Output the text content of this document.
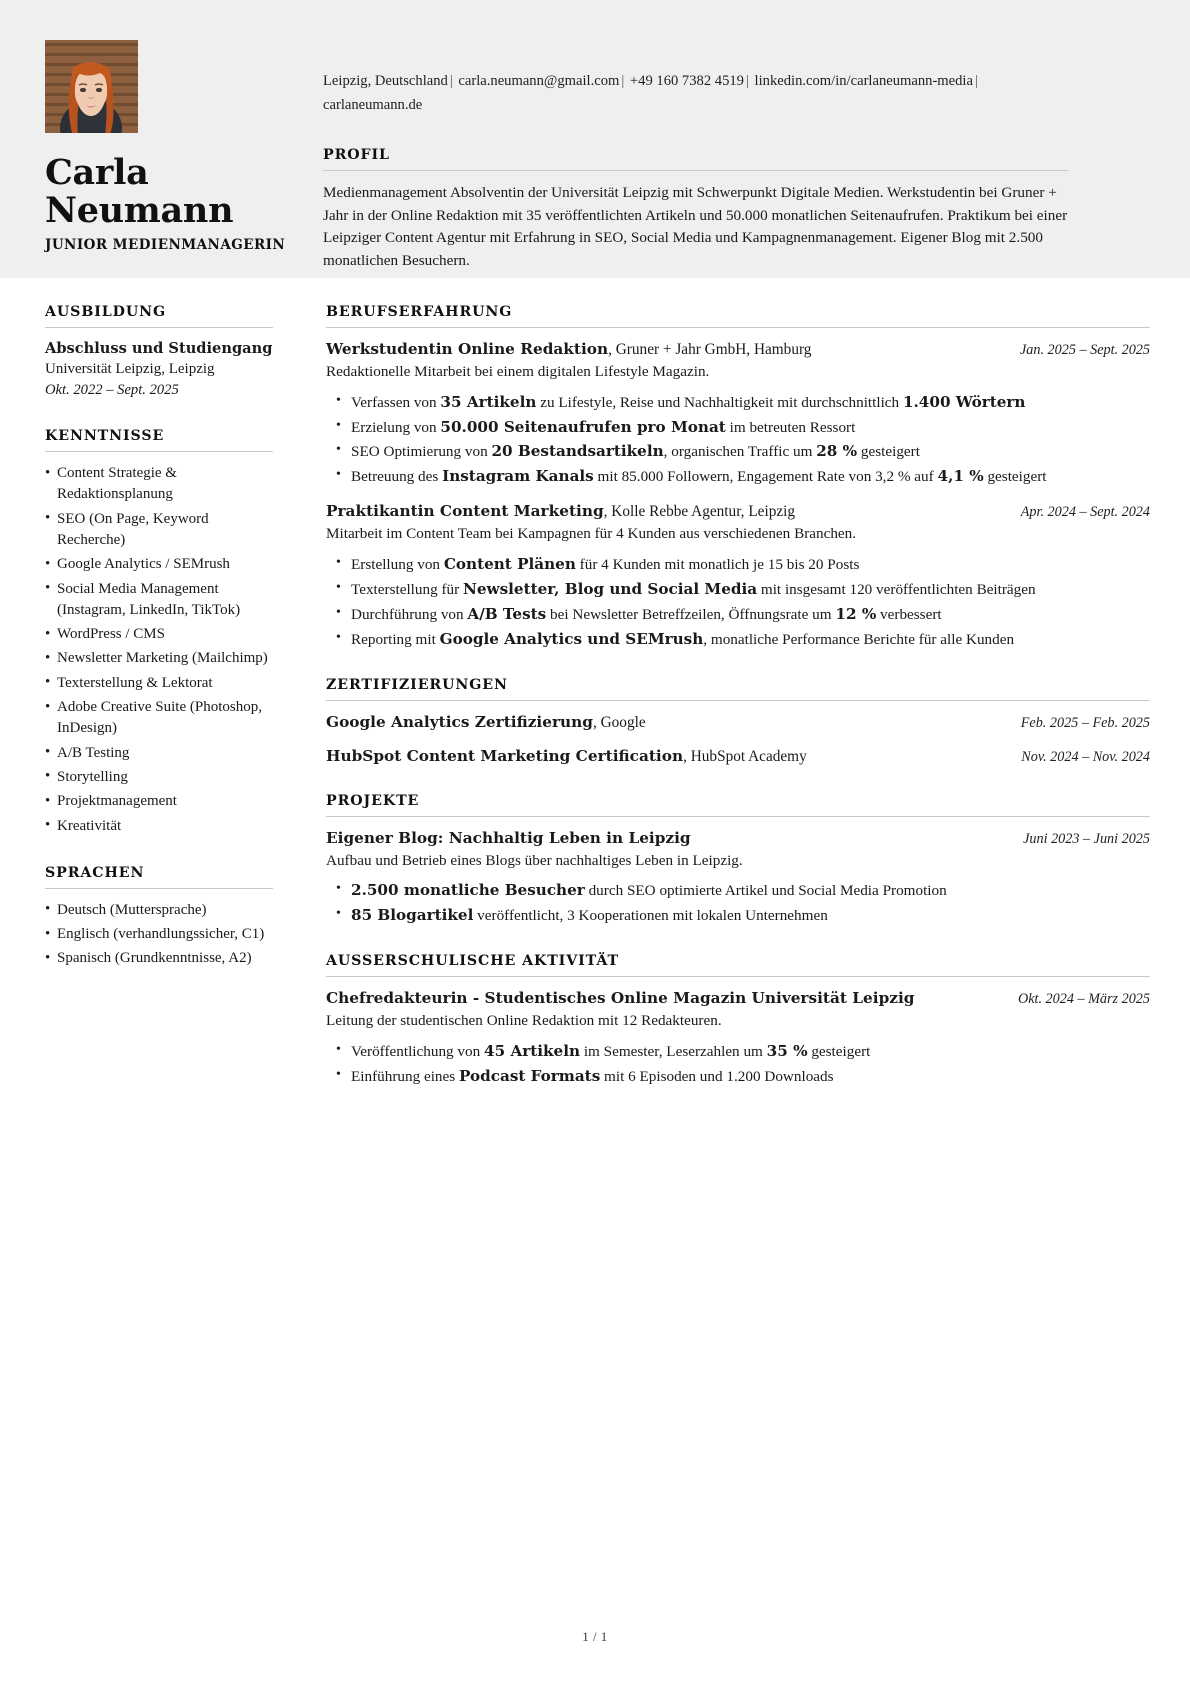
Carla
Neumann
JUNIOR MEDIENMANAGERIN
Leipzig, Deutschland | carla.neumann@gmail.com | +49 160 7382 4519 | linkedin.com/in/carlaneumann-media | carlaneumann.de
PROFIL
Medienmanagement Absolventin der Universität Leipzig mit Schwerpunkt Digitale Medien. Werkstudentin bei Gruner + Jahr in der Online Redaktion mit 35 veröffentlichten Artikeln und 50.000 monatlichen Seitenaufrufen. Praktikum bei einer Leipziger Content Agentur mit Erfahrung in SEO, Social Media und Kampagnenmanagement. Eigener Blog mit 2.500 monatlichen Besuchern.
AUSBILDUNG
Abschluss und Studiengang
Universität Leipzig, Leipzig
Okt. 2022 – Sept. 2025
KENNTNISSE
• Content Strategie & Redaktionsplanung
• SEO (On Page, Keyword Recherche)
• Google Analytics / SEMrush
• Social Media Management (Instagram, LinkedIn, TikTok)
• WordPress / CMS
• Newsletter Marketing (Mailchimp)
• Texterstellung & Lektorat
• Adobe Creative Suite (Photoshop, InDesign)
• A/B Testing
• Storytelling
• Projektmanagement
• Kreativität
SPRACHEN
• Deutsch (Muttersprache)
• Englisch (verhandlungssicher, C1)
• Spanisch (Grundkenntnisse, A2)
BERUFSERFAHRUNG
Werkstudentin Online Redaktion, Gruner + Jahr GmbH, Hamburg	Jan. 2025 – Sept. 2025
Redaktionelle Mitarbeit bei einem digitalen Lifestyle Magazin.
• Verfassen von 35 Artikeln zu Lifestyle, Reise und Nachhaltigkeit mit durchschnittlich 1.400 Wörtern
• Erzielung von 50.000 Seitenaufrufen pro Monat im betreuten Ressort
• SEO Optimierung von 20 Bestandsartikeln, organischen Traffic um 28 % gesteigert
• Betreuung des Instagram Kanals mit 85.000 Followern, Engagement Rate von 3,2 % auf 4,1 % gesteigert
Praktikantin Content Marketing, Kolle Rebbe Agentur, Leipzig	Apr. 2024 – Sept. 2024
Mitarbeit im Content Team bei Kampagnen für 4 Kunden aus verschiedenen Branchen.
• Erstellung von Content Plänen für 4 Kunden mit monatlich je 15 bis 20 Posts
• Texterstellung für Newsletter, Blog und Social Media mit insgesamt 120 veröffentlichten Beiträgen
• Durchführung von A/B Tests bei Newsletter Betreffzeilen, Öffnungsrate um 12 % verbessert
• Reporting mit Google Analytics und SEMrush, monatliche Performance Berichte für alle Kunden
ZERTIFIZIERUNGEN
Google Analytics Zertifizierung, Google	Feb. 2025 – Feb. 2025
HubSpot Content Marketing Certification, HubSpot Academy	Nov. 2024 – Nov. 2024
PROJEKTE
Eigener Blog: Nachhaltig Leben in Leipzig	Juni 2023 – Juni 2025
Aufbau und Betrieb eines Blogs über nachhaltiges Leben in Leipzig.
• 2.500 monatliche Besucher durch SEO optimierte Artikel und Social Media Promotion
• 85 Blogartikel veröffentlicht, 3 Kooperationen mit lokalen Unternehmen
AUSSERSCHULISCHE AKTIVITÄT
Chefredakteurin - Studentisches Online Magazin Universität Leipzig	Okt. 2024 – März 2025
Leitung der studentischen Online Redaktion mit 12 Redakteuren.
• Veröffentlichung von 45 Artikeln im Semester, Leserzahlen um 35 % gesteigert
• Einführung eines Podcast Formats mit 6 Episoden und 1.200 Downloads
1 / 1
